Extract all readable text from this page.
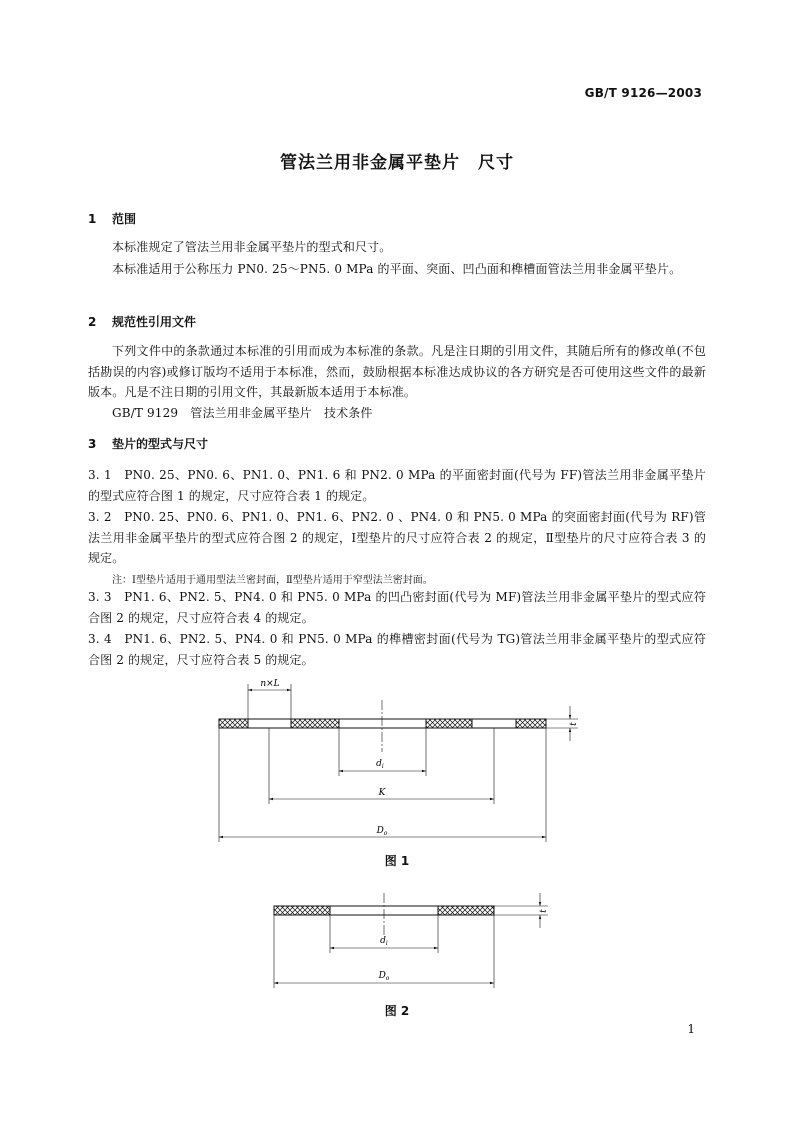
GB/T 9126—2003
管法兰用非金属平垫片　尺寸
1 范围
本标准规定了管法兰用非金属平垫片的型式和尺寸。
本标准适用于公称压力 PN0. 25～PN5. 0 MPa 的平面、突面、凹凸面和榫槽面管法兰用非金属平垫片。
2 规范性引用文件
下列文件中的条款通过本标准的引用而成为本标准的条款。凡是注日期的引用文件，其随后所有的修改单(不包括勘误的内容)或修订版均不适用于本标准，然而，鼓励根据本标准达成协议的各方研究是否可使用这些文件的最新版本。凡是不注日期的引用文件，其最新版本适用于本标准。
GB/T 9129　管法兰用非金属平垫片　技术条件
3 垫片的型式与尺寸
3. 1　 PN0. 25、PN0. 6、PN1. 0、PN1. 6 和 PN2. 0 MPa 的平面密封面(代号为 FF)管法兰用非金属平垫片的型式应符合图 1 的规定，尺寸应符合表 1 的规定。
3. 2　 PN0. 25、PN0. 6、PN1. 0、PN1. 6、PN2. 0 、PN4. 0 和 PN5. 0 MPa 的突面密封面(代号为 RF)管法兰用非金属平垫片的型式应符合图 2 的规定，Ⅰ型垫片的尺寸应符合表 2 的规定，Ⅱ型垫片的尺寸应符合表 3 的规定。
注：Ⅰ型垫片适用于通用型法兰密封面，Ⅱ型垫片适用于窄型法兰密封面。
3. 3　 PN1. 6、PN2. 5、PN4. 0 和 PN5. 0 MPa 的凹凸密封面(代号为 MF)管法兰用非金属平垫片的型式应符合图 2 的规定，尺寸应符合表 4 的规定。
3. 4　 PN1. 6、PN2. 5、PN4. 0 和 PN5. 0 MPa 的榫槽密封面(代号为 TG)管法兰用非金属平垫片的型式应符合图 2 的规定，尺寸应符合表 5 的规定。
n×L
t
$d_i$
K
$D_o$
图 1
t
$d_i$
$D_o$
图 2
1
